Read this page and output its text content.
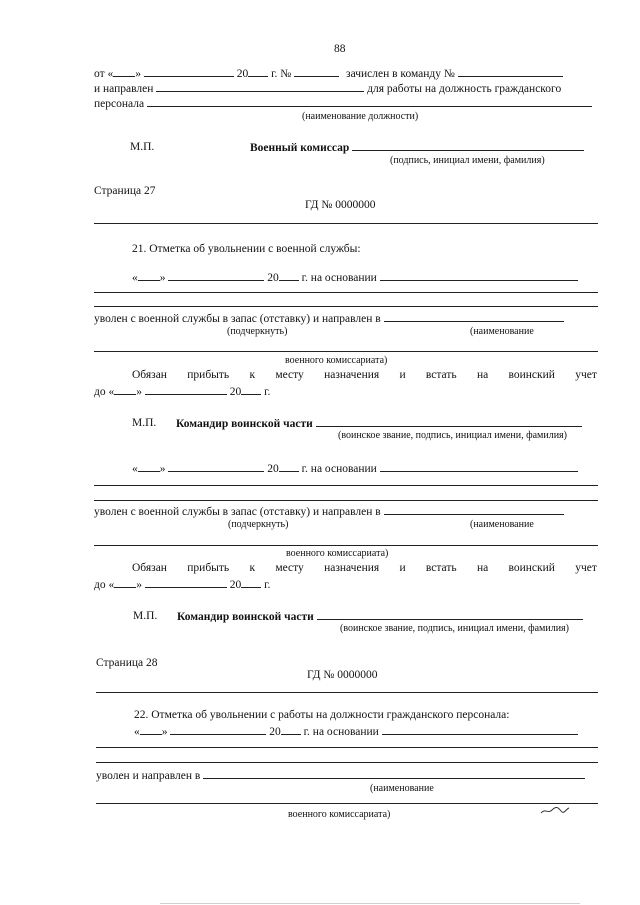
88
от « »	20 г. №	зачислен в команду №
и направлен	для работы на должность гражданского
персонала
(наименование должности)
М.П.	Военный комиссар
(подпись, инициал имени, фамилия)
Страница 27
ГД № 0000000
21. Отметка об увольнении с военной службы:
« »	20 г. на основании
уволен с военной службы в запас (отставку) и направлен в
(подчеркнуть)	(наименование
военного комиссариата)
Обязан прибыть к месту назначения и встать на воинский учет
до « »	20 г.
М.П. Командир воинской части
(воинское звание, подпись, инициал имени, фамилия)
« »	20 г. на основании
уволен с военной службы в запас (отставку) и направлен в
(подчеркнуть)	(наименование
военного комиссариата)
Обязан прибыть к месту назначения и встать на воинский учет
до « »	20 г.
М.П. Командир воинской части
(воинское звание, подпись, инициал имени, фамилия)
Страница 28
ГД № 0000000
22. Отметка об увольнении с работы на должности гражданского персонала:
« »	20 г. на основании
уволен и направлен в
(наименование
военного комиссариата)
